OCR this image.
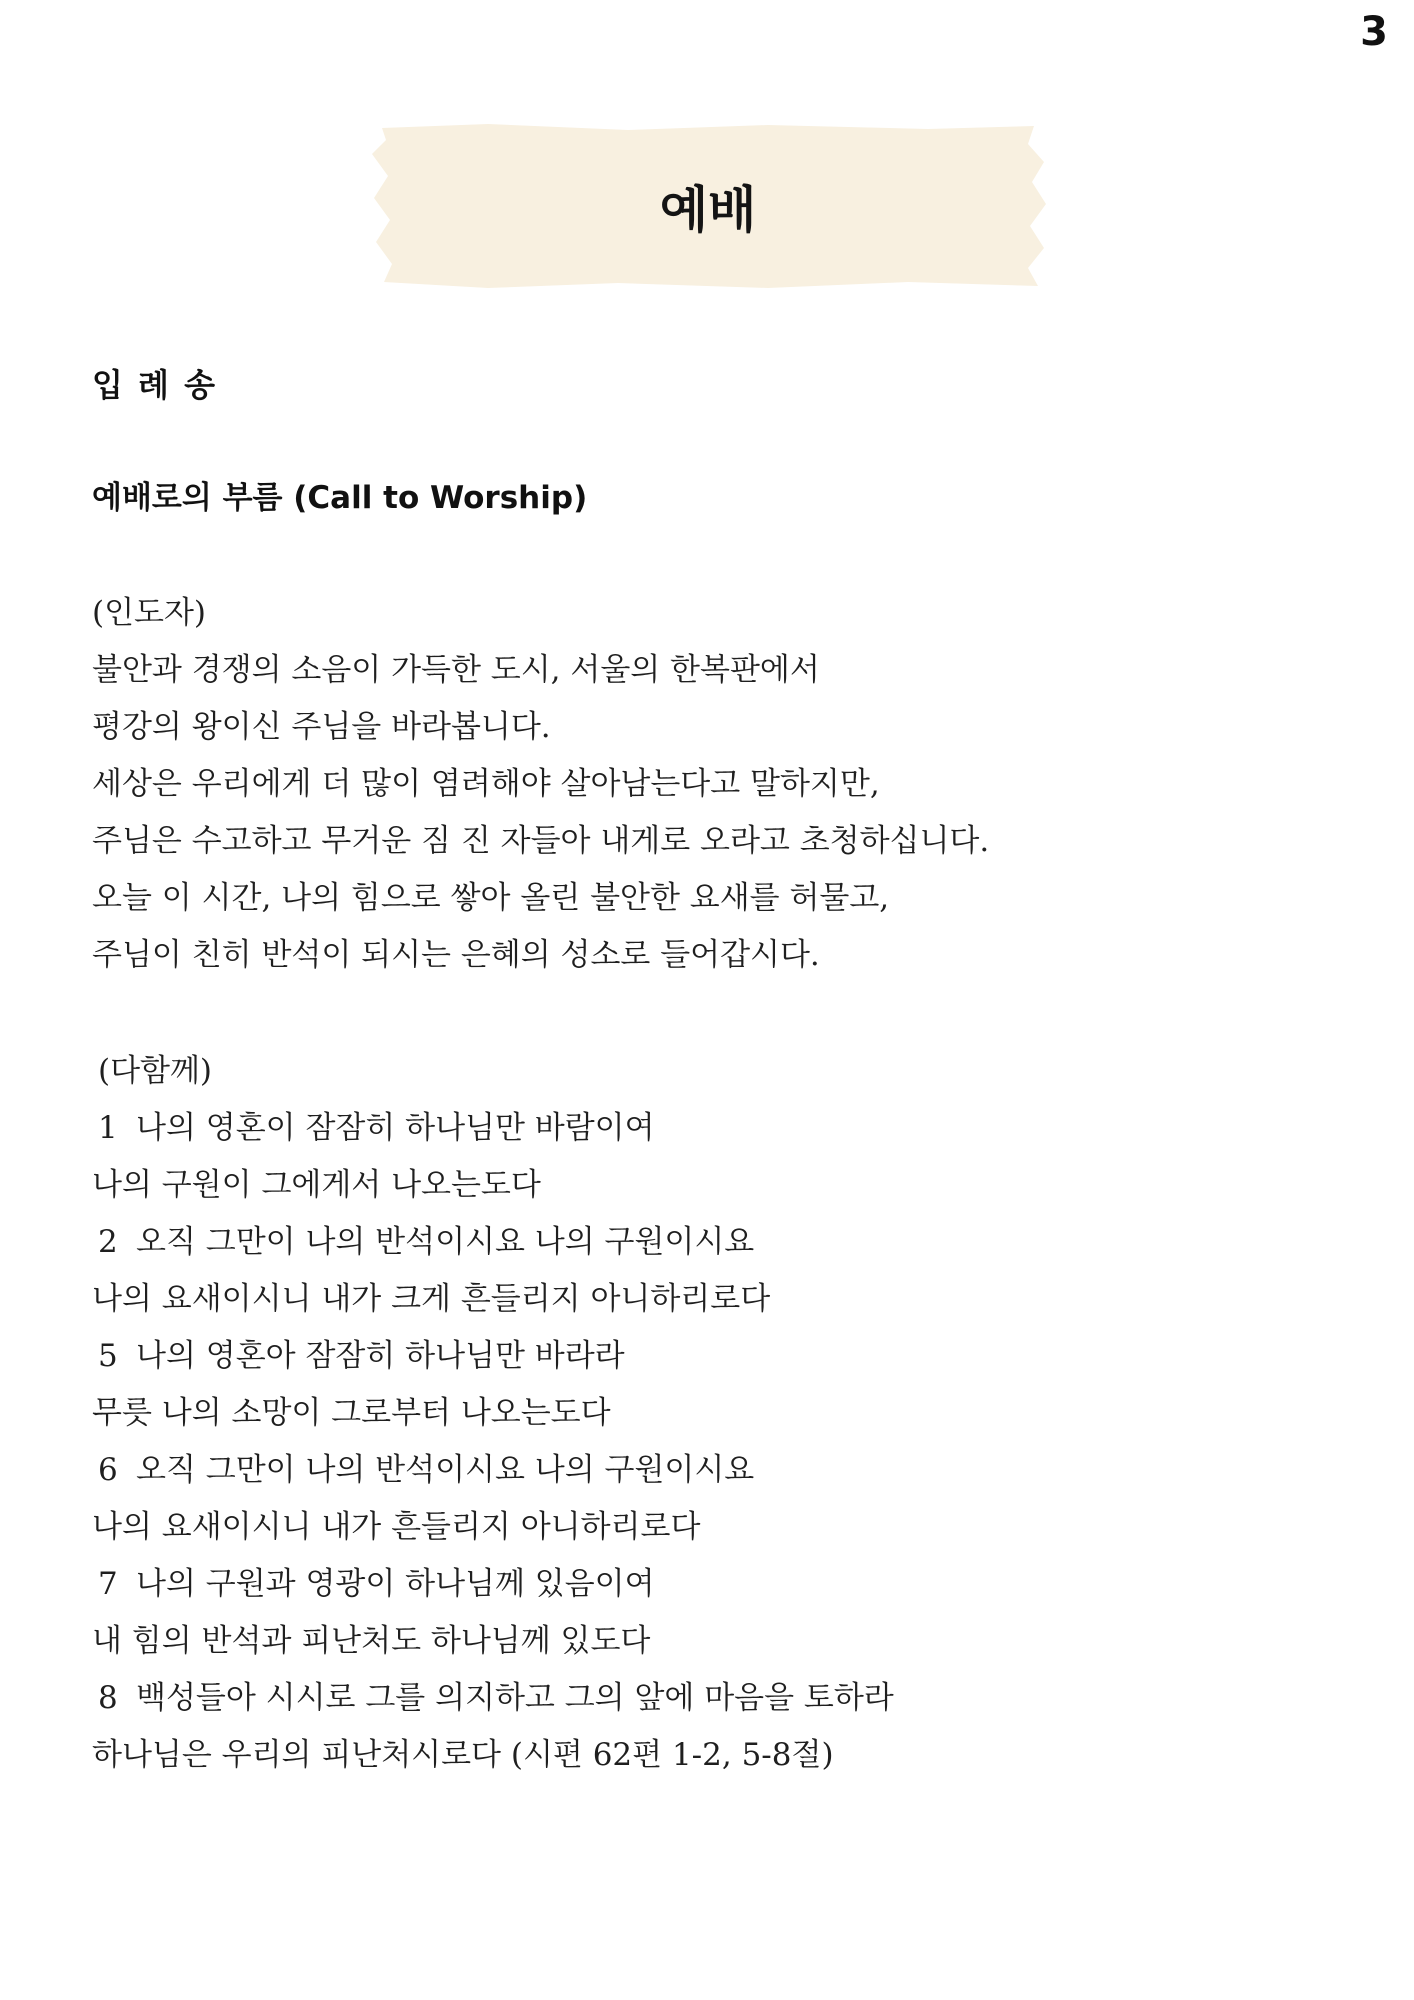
3
예배
입 례 송
예배로의 부름 (Call to Worship)
(인도자)
불안과 경쟁의 소음이 가득한 도시, 서울의 한복판에서
평강의 왕이신 주님을 바라봅니다.
세상은 우리에게 더 많이 염려해야 살아남는다고 말하지만,
주님은 수고하고 무거운 짐 진 자들아 내게로 오라고 초청하십니다.
오늘 이 시간, 나의 힘으로 쌓아 올린 불안한 요새를 허물고,
주님이 친히 반석이 되시는 은혜의 성소로 들어갑시다.
(다함께)
1 나의 영혼이 잠잠히 하나님만 바람이여
나의 구원이 그에게서 나오는도다
2 오직 그만이 나의 반석이시요 나의 구원이시요
나의 요새이시니 내가 크게 흔들리지 아니하리로다
5 나의 영혼아 잠잠히 하나님만 바라라
무릇 나의 소망이 그로부터 나오는도다
6 오직 그만이 나의 반석이시요 나의 구원이시요
나의 요새이시니 내가 흔들리지 아니하리로다
7 나의 구원과 영광이 하나님께 있음이여
내 힘의 반석과 피난처도 하나님께 있도다
8 백성들아 시시로 그를 의지하고 그의 앞에 마음을 토하라
하나님은 우리의 피난처시로다 (시편 62편 1-2, 5-8절)
